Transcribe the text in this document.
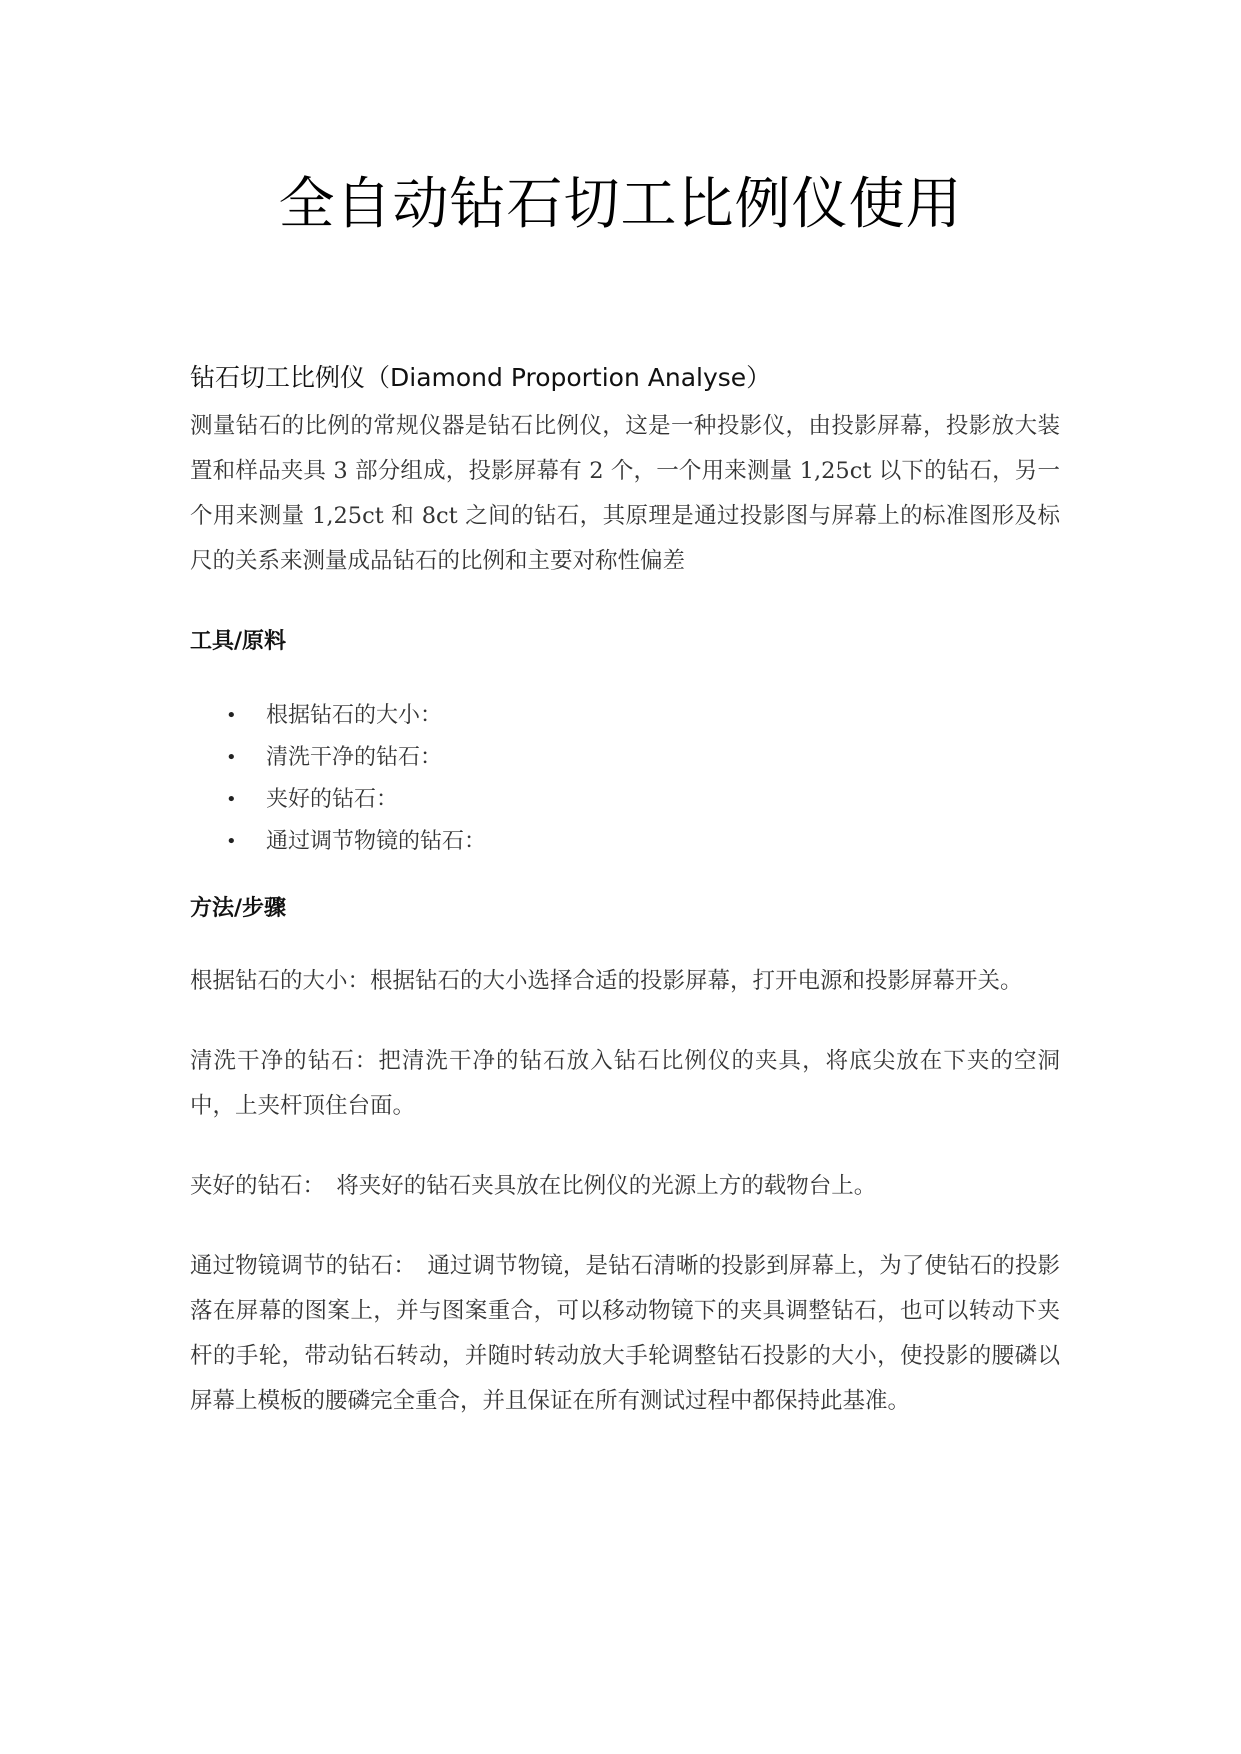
全自动钻石切工比例仪使用
钻石切工比例仪（Diamond Proportion Analyse）

测量钻石的比例的常规仪器是钻石比例仪，这是一种投影仪，由投影屏幕，投影放大装置和样品夹具 3 部分组成，投影屏幕有 2 个，一个用来测量 1,25ct 以下的钻石，另一个用来测量 1,25ct 和 8ct 之间的钻石，其原理是通过投影图与屏幕上的标准图形及标尺的关系来测量成品钻石的比例和主要对称性偏差

工具/原料
• 根据钻石的大小：
• 清洗干净的钻石：
• 夹好的钻石：
• 通过调节物镜的钻石：
方法/步骤

根据钻石的大小：根据钻石的大小选择合适的投影屏幕，打开电源和投影屏幕开关。

清洗干净的钻石：把清洗干净的钻石放入钻石比例仪的夹具，将底尖放在下夹的空洞中，上夹杆顶住台面。

夹好的钻石：　将夹好的钻石夹具放在比例仪的光源上方的载物台上。

通过物镜调节的钻石：　通过调节物镜，是钻石清晰的投影到屏幕上，为了使钻石的投影落在屏幕的图案上，并与图案重合，可以移动物镜下的夹具调整钻石，也可以转动下夹杆的手轮，带动钻石转动，并随时转动放大手轮调整钻石投影的大小，使投影的腰磷以屏幕上模板的腰磷完全重合，并且保证在所有测试过程中都保持此基准。
